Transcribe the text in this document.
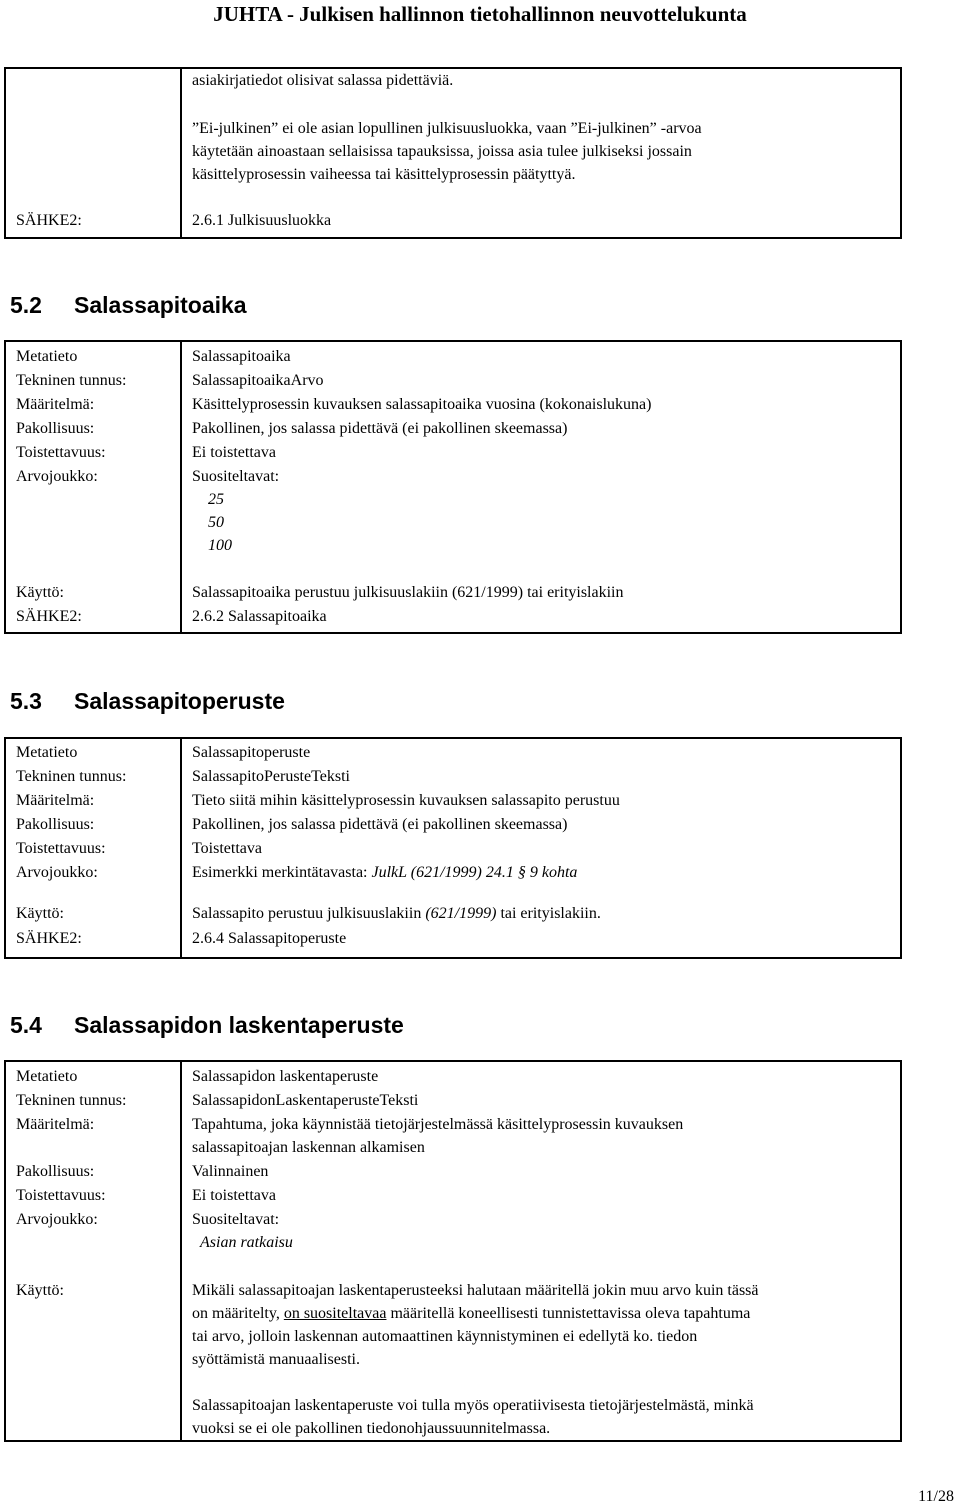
JUHTA - Julkisen hallinnon tietohallinnon neuvottelukunta
asiakirjatiedot olisivat salassa pidettäviä.
”Ei-julkinen” ei ole asian lopullinen julkisuusluokka, vaan ”Ei-julkinen” -arvoa
käytetään ainoastaan sellaisissa tapauksissa, joissa asia tulee julkiseksi jossain
käsittelyprosessin vaiheessa tai käsittelyprosessin päätyttyä.
SÄHKE2:	2.6.1 Julkisuusluokka
5.2 Salassapitoaika
Metatieto	Salassapitoaika
Tekninen tunnus:	SalassapitoaikaArvo
Määritelmä:	Käsittelyprosessin kuvauksen salassapitoaika vuosina (kokonaislukuna)
Pakollisuus:	Pakollinen, jos salassa pidettävä (ei pakollinen skeemassa)
Toistettavuus:	Ei toistettava
Arvojoukko:	Suositeltavat:
25
50
100
Käyttö:	Salassapitoaika perustuu julkisuuslakiin (621/1999) tai erityislakiin
SÄHKE2:	2.6.2 Salassapitoaika
5.3 Salassapitoperuste
Metatieto	Salassapitoperuste
Tekninen tunnus:	SalassapitoPerusteTeksti
Määritelmä:	Tieto siitä mihin käsittelyprosessin kuvauksen salassapito perustuu
Pakollisuus:	Pakollinen, jos salassa pidettävä (ei pakollinen skeemassa)
Toistettavuus:	Toistettava
Arvojoukko:	Esimerkki merkintätavasta: JulkL (621/1999) 24.1 § 9 kohta
Käyttö:	Salassapito perustuu julkisuuslakiin (621/1999) tai erityislakiin.
SÄHKE2:	2.6.4 Salassapitoperuste
5.4 Salassapidon laskentaperuste
Metatieto	Salassapidon laskentaperuste
Tekninen tunnus:	SalassapidonLaskentaperusteTeksti
Määritelmä:	Tapahtuma, joka käynnistää tietojärjestelmässä käsittelyprosessin kuvauksen
salassapitoajan laskennan alkamisen
Pakollisuus:	Valinnainen
Toistettavuus:	Ei toistettava
Arvojoukko:	Suositeltavat:
Asian ratkaisu
Käyttö:	Mikäli salassapitoajan laskentaperusteeksi halutaan määritellä jokin muu arvo kuin tässä
on määritelty, on suositeltavaa määritellä koneellisesti tunnistettavissa oleva tapahtuma
tai arvo, jolloin laskennan automaattinen käynnistyminen ei edellytä ko. tiedon
syöttämistä manuaalisesti.
Salassapitoajan laskentaperuste voi tulla myös operatiivisesta tietojärjestelmästä, minkä
vuoksi se ei ole pakollinen tiedonohjaussuunnitelmassa.
11/28
